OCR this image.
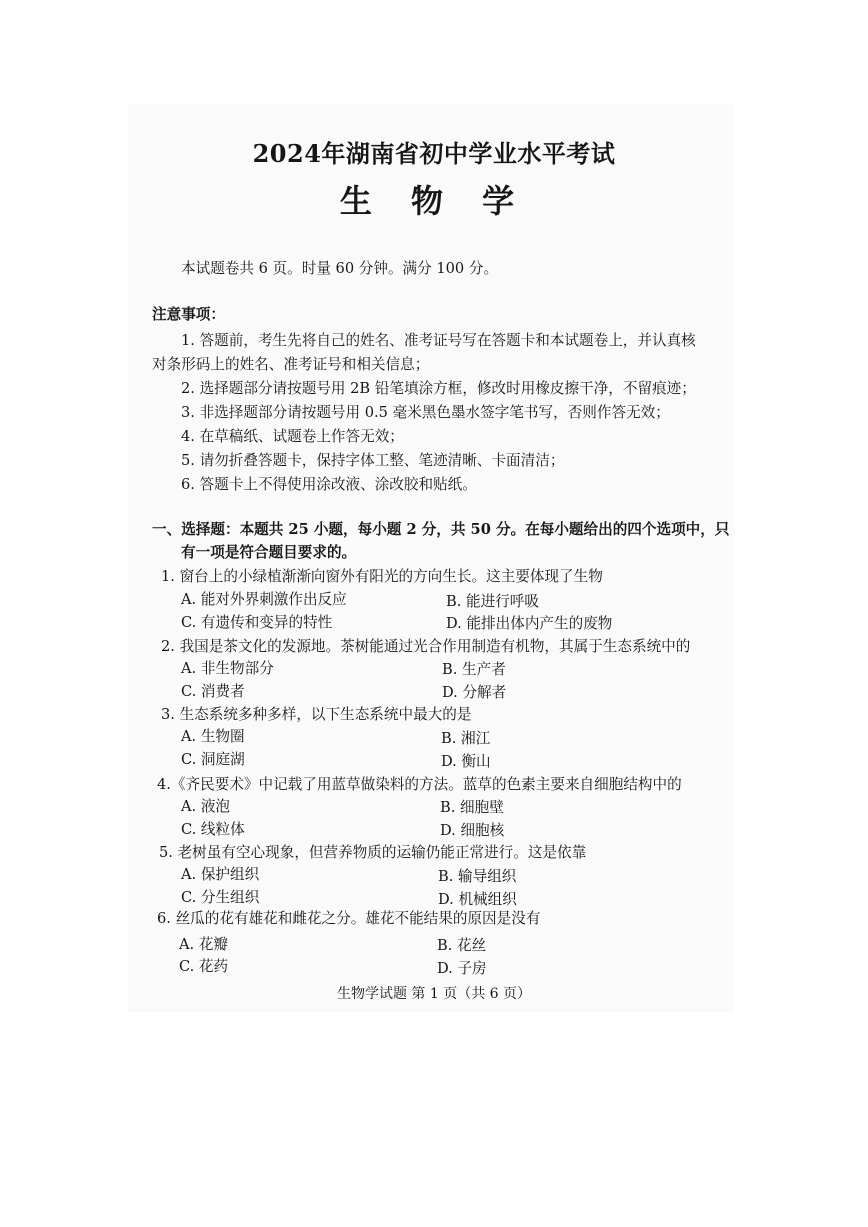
2024年湖南省初中学业水平考试
生 物 学
本试题卷共 6 页。时量 60 分钟。满分 100 分。
注意事项：
1. 答题前，考生先将自己的姓名、准考证号写在答题卡和本试题卷上，并认真核
对条形码上的姓名、准考证号和相关信息；
2. 选择题部分请按题号用 2B 铅笔填涂方框，修改时用橡皮擦干净，不留痕迹；
3. 非选择题部分请按题号用 0.5 毫米黑色墨水签字笔书写，否则作答无效；
4. 在草稿纸、试题卷上作答无效；
5. 请勿折叠答题卡，保持字体工整、笔迹清晰、卡面清洁；
6. 答题卡上不得使用涂改液、涂改胶和贴纸。
一、选择题：本题共 25 小题，每小题 2 分，共 50 分。在每小题给出的四个选项中，只
有一项是符合题目要求的。
1. 窗台上的小绿植渐渐向窗外有阳光的方向生长。这主要体现了生物
A. 能对外界刺激作出反应	B. 能进行呼吸
C. 有遗传和变异的特性	D. 能排出体内产生的废物
2. 我国是茶文化的发源地。茶树能通过光合作用制造有机物，其属于生态系统中的
A. 非生物部分	B. 生产者
C. 消费者	D. 分解者
3. 生态系统多种多样，以下生态系统中最大的是
A. 生物圈	B. 湘江
C. 洞庭湖	D. 衡山
4.《齐民要术》中记载了用蓝草做染料的方法。蓝草的色素主要来自细胞结构中的
A. 液泡	B. 细胞壁
C. 线粒体	D. 细胞核
5. 老树虽有空心现象，但营养物质的运输仍能正常进行。这是依靠
A. 保护组织	B. 输导组织
C. 分生组织	D. 机械组织
6. 丝瓜的花有雄花和雌花之分。雄花不能结果的原因是没有
A. 花瓣	B. 花丝
C. 花药	D. 子房
生物学试题 第 1 页（共 6 页）
